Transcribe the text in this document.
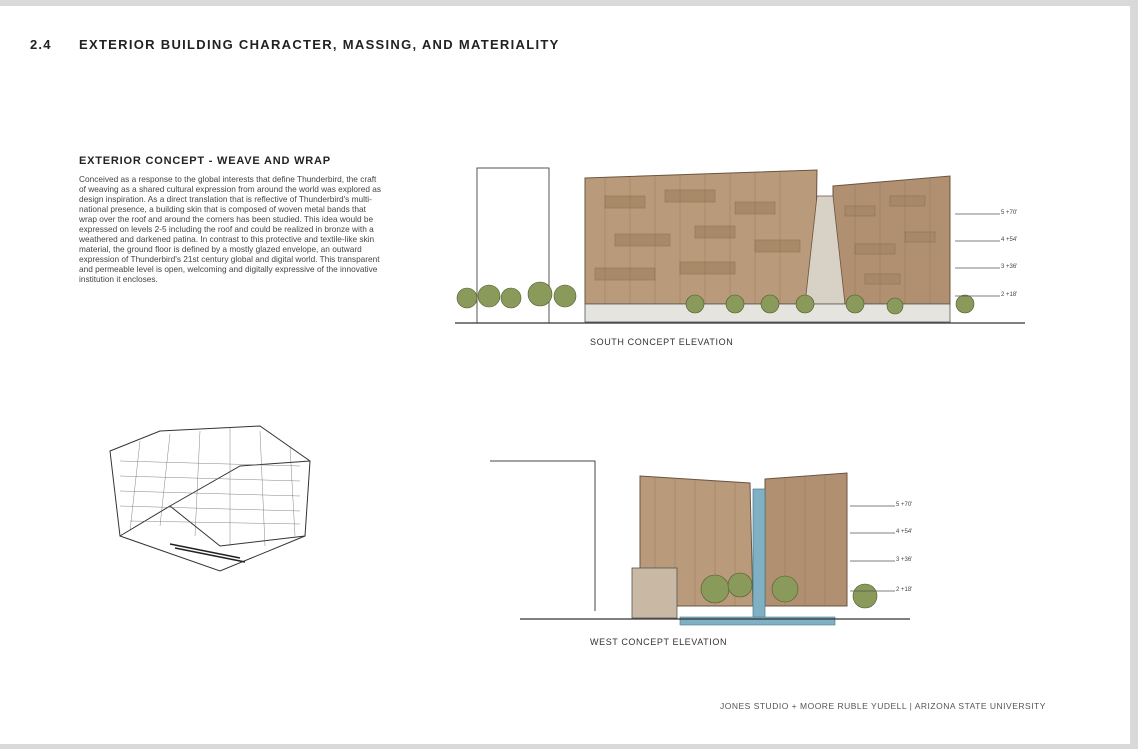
2.4 EXTERIOR BUILDING CHARACTER, MASSING, AND MATERIALITY
EXTERIOR CONCEPT - WEAVE AND WRAP
Conceived as a response to the global interests that define Thunderbird, the craft of weaving as a shared cultural expression from around the world was explored as design inspiration. As a direct translation that is reflective of Thunderbird's multi-national presence, a building skin that is composed of woven metal bands that wrap over the roof and around the corners has been studied. This idea would be expressed on levels 2-5 including the roof and could be realized in bronze with a weathered and darkened patina. In contrast to this protective and textile-like skin material, the ground floor is defined by a mostly glazed envelope, an outward expression of Thunderbird's 21st century global and digital world. This transparent and permeable level is open, welcoming and digitally expressive of the innovative institution it encloses.
5 +70'
4 +54'
3 +36'
2 +18'
SOUTH CONCEPT ELEVATION
5 +70'
4 +54'
3 +36'
2 +18'
WEST CONCEPT ELEVATION
JONES STUDIO + MOORE RUBLE YUDELL | ARIZONA STATE UNIVERSITY
